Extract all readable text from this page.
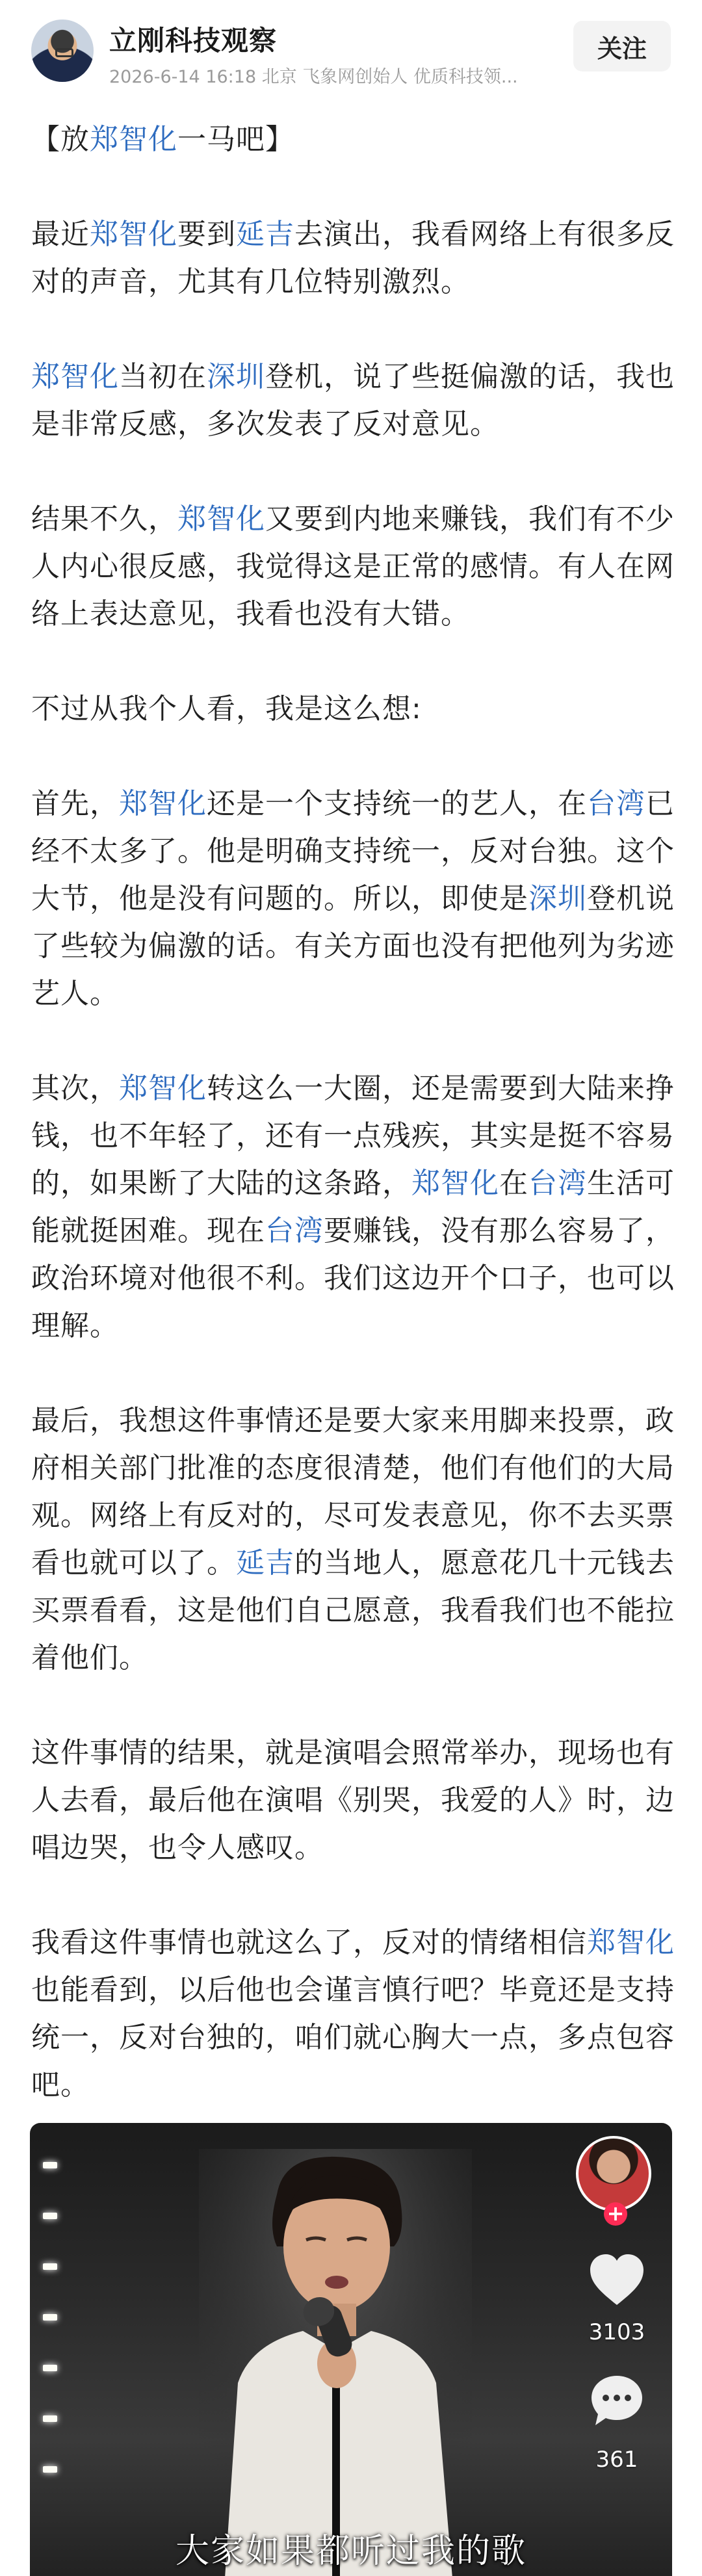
立刚科技观察
2026-6-14 16:18 北京 飞象网创始人 优质科技领...
关注

【放郑智化一马吧】

最近郑智化要到延吉去演出，我看网络上有很多反对的声音，尤其有几位特别激烈。

郑智化当初在深圳登机，说了些挺偏激的话，我也是非常反感，多次发表了反对意见。

结果不久，郑智化又要到内地来赚钱，我们有不少人内心很反感，我觉得这是正常的感情。有人在网络上表达意见，我看也没有大错。

不过从我个人看，我是这么想:

首先，郑智化还是一个支持统一的艺人，在台湾已经不太多了。他是明确支持统一，反对台独。这个大节，他是没有问题的。所以，即使是深圳登机说了些较为偏激的话。有关方面也没有把他列为劣迹艺人。

其次，郑智化转这么一大圈，还是需要到大陆来挣钱，也不年轻了，还有一点残疾，其实是挺不容易的，如果断了大陆的这条路，郑智化在台湾生活可能就挺困难。现在台湾要赚钱，没有那么容易了，政治环境对他很不利。我们这边开个口子，也可以理解。

最后，我想这件事情还是要大家来用脚来投票，政府相关部门批准的态度很清楚，他们有他们的大局观。网络上有反对的，尽可发表意见，你不去买票看也就可以了。延吉的当地人，愿意花几十元钱去买票看看，这是他们自己愿意，我看我们也不能拉着他们。

这件事情的结果，就是演唱会照常举办，现场也有人去看，最后他在演唱《别哭，我爱的人》时，边唱边哭，也令人感叹。

我看这件事情也就这么了，反对的情绪相信郑智化也能看到，以后他也会谨言慎行吧？毕竟还是支持统一，反对台独的，咱们就心胸大一点，多点包容吧。

+
3103
361
大家如果都听过我的歌
